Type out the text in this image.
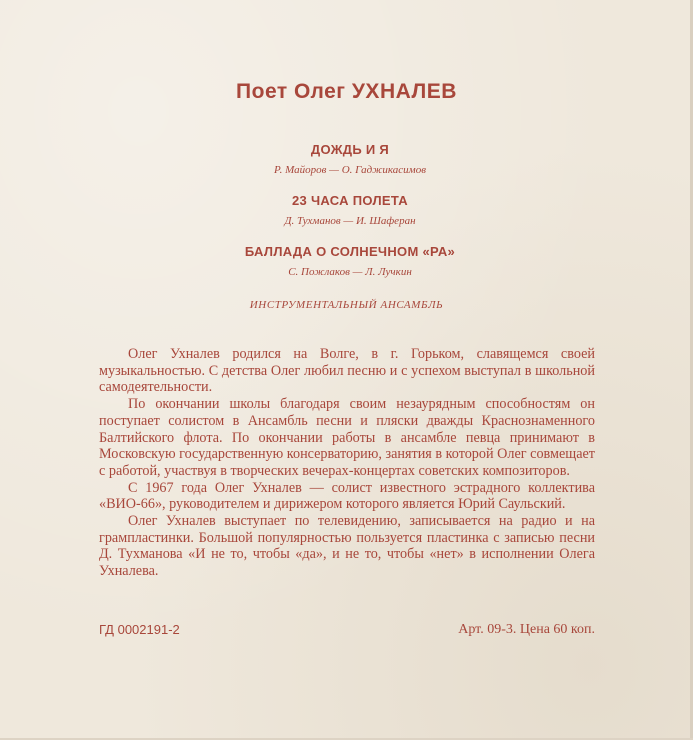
Поет Олег УХНАЛЕВ
ДОЖДЬ И Я
Р. Майоров — О. Гаджикасимов
23 ЧАСА ПОЛЕТА
Д. Тухманов — И. Шаферан
БАЛЛАДА О СОЛНЕЧНОМ «РА»
С. Пожлаков — Л. Лучкин
ИНСТРУМЕНТАЛЬНЫЙ АНСАМБЛЬ

Олег Ухналев родился на Волге, в г. Горьком, славящемся своей музыкальностью. С детства Олег любил песню и с успехом выступал в школьной самодеятельности.

По окончании школы благодаря своим незаурядным способностям он поступает солистом в Ансамбль песни и пляски дважды Краснознаменного Балтийского флота. По окончании работы в ансамбле певца принимают в Московскую государственную консерваторию, занятия в которой Олег совмещает с работой, участвуя в творческих вечерах-концертах советских композиторов.

С 1967 года Олег Ухналев — солист известного эстрадного коллектива «ВИО-66», руководителем и дирижером которого является Юрий Саульский.

Олег Ухналев выступает по телевидению, записывается на радио и на грампластинки. Большой популярностью пользуется пластинка с записью песни Д. Тухманова «И не то, чтобы «да», и не то, чтобы «нет» в исполнении Олега Ухналева.

ГД 0002191-2	Арт. 09-3. Цена 60 коп.
